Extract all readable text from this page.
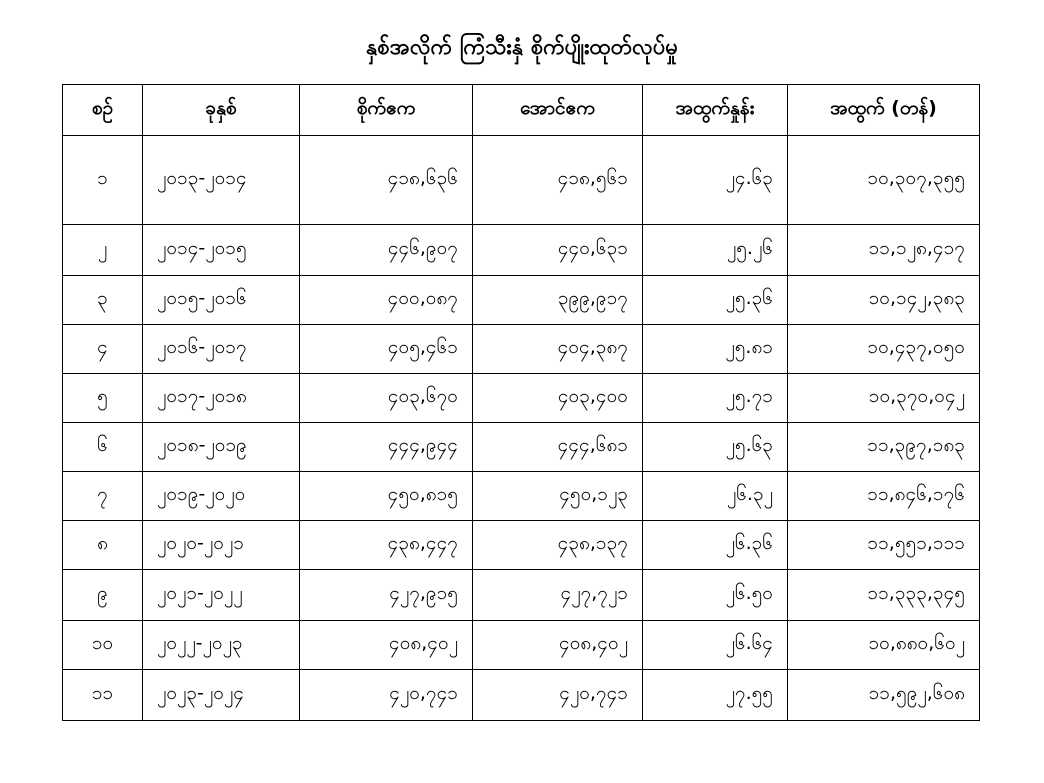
နှစ်အလိုက် ကြံသီးနှံ စိုက်ပျိုးထုတ်လုပ်မှု
စဉ်	ခုနှစ်	စိုက်ဧက	အောင်ဧက	အထွက်နှုန်း	အထွက် (တန်)
၁	၂၀၁၃-၂၀၁၄	၄၁၈,၆၃၆	၄၁၈,၅၆၁	၂၄.၆၃	၁၀,၃၀၇,၃၅၅
၂	၂၀၁၄-၂၀၁၅	၄၄၆,၉၀၇	၄၄၀,၆၃၁	၂၅.၂၆	၁၁,၁၂၈,၄၁၇
၃	၂၀၁၅-၂၀၁၆	၄၀၀,၀၈၇	၃၉၉,၉၁၇	၂၅.၃၆	၁၀,၁၄၂,၃၈၃
၄	၂၀၁၆-၂၀၁၇	၄၀၅,၄၆၁	၄၀၄,၃၈၇	၂၅.၈၁	၁၀,၄၃၇,၀၅၀
၅	၂၀၁၇-၂၀၁၈	၄၀၃,၆၇၀	၄၀၃,၄၀၀	၂၅.၇၁	၁၀,၃၇၀,၀၄၂
၆	၂၀၁၈-၂၀၁၉	၄၄၄,၉၄၄	၄၄၄,၆၈၁	၂၅.၆၃	၁၁,၃၉၇,၁၈၃
၇	၂၀၁၉-၂၀၂၀	၄၅၀,၈၁၅	၄၅၀,၁၂၃	၂၆.၃၂	၁၁,၈၄၆,၁၇၆
၈	၂၀၂၀-၂၀၂၁	၄၃၈,၄၄၇	၄၃၈,၁၃၇	၂၆.၃၆	၁၁,၅၅၁,၁၁၁
၉	၂၀၂၁-၂၀၂၂	၄၂၇,၉၁၅	၄၂၇,၇၂၁	၂၆.၅၀	၁၁,၃၃၃,၃၄၅
၁၀	၂၀၂၂-၂၀၂၃	၄၀၈,၄၀၂	၄၀၈,၄၀၂	၂၆.၆၄	၁၀,၈၈၀,၆၀၂
၁၁	၂၀၂၃-၂၀၂၄	၄၂၀,၇၄၁	၄၂၀,၇၄၁	၂၇.၅၅	၁၁,၅၉၂,၆၀၈
